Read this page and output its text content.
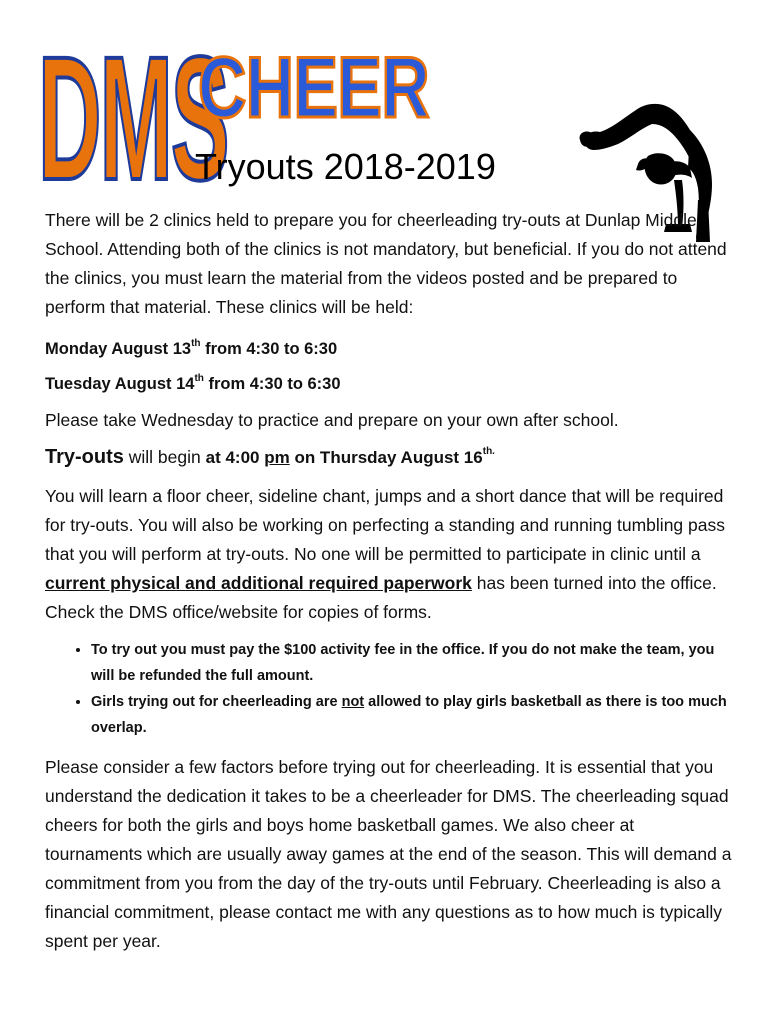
DMS
CHEER
Tryouts 2018-2019

There will be 2 clinics held to prepare you for cheerleading try-outs at Dunlap Middle School. Attending both of the clinics is not mandatory, but beneficial. If you do not attend the clinics, you must learn the material from the videos posted and be prepared to perform that material. These clinics will be held:

Monday August 13th from 4:30 to 6:30
Tuesday August 14th from 4:30 to 6:30

Please take Wednesday to practice and prepare on your own after school.

Try-outs will begin at 4:00 pm on Thursday August $16^{th.}$

You will learn a floor cheer, sideline chant, jumps and a short dance that will be required for try-outs. You will also be working on perfecting a standing and running tumbling pass that you will perform at try-outs. No one will be permitted to participate in clinic until a current physical and additional required paperwork has been turned into the office. Check the DMS office/website for copies of forms.

• To try out you must pay the $100 activity fee in the office. If you do not make the team, you will be refunded the full amount.
• Girls trying out for cheerleading are not allowed to play girls basketball as there is too much overlap.

Please consider a few factors before trying out for cheerleading. It is essential that you understand the dedication it takes to be a cheerleader for DMS. The cheerleading squad cheers for both the girls and boys home basketball games. We also cheer at tournaments which are usually away games at the end of the season. This will demand a commitment from you from the day of the try-outs until February. Cheerleading is also a financial commitment, please contact me with any questions as to how much is typically spent per year.
